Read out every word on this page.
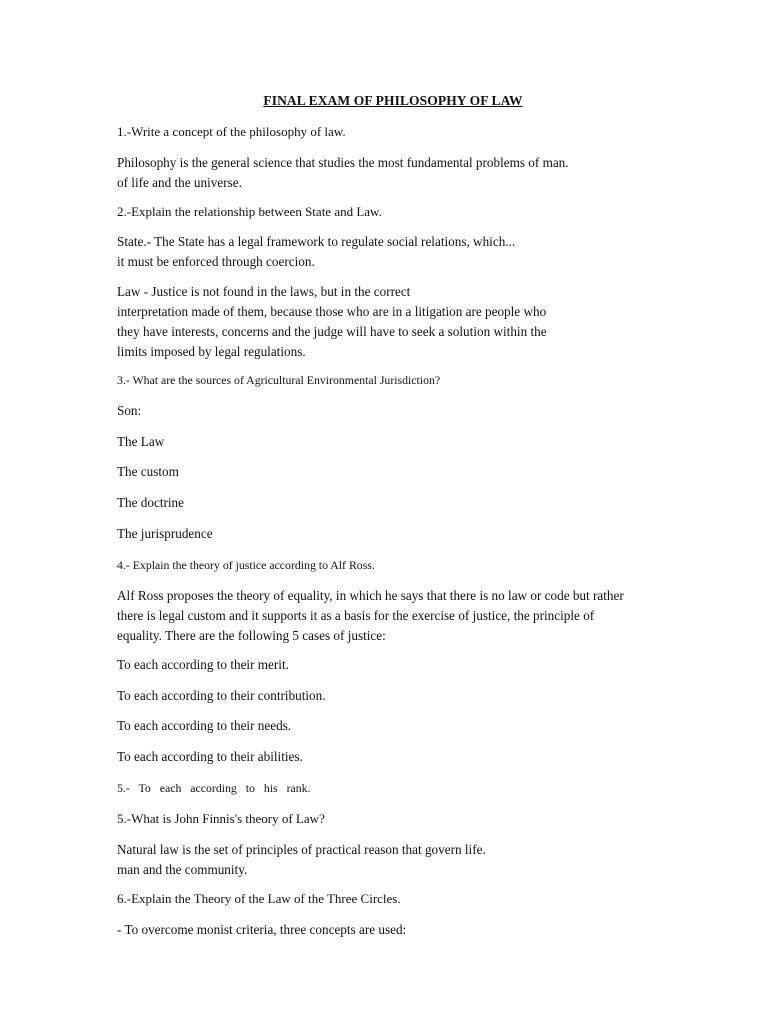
FINAL EXAM OF PHILOSOPHY OF LAW
1.-Write a concept of the philosophy of law.
Philosophy is the general science that studies the most fundamental problems of man.
of life and the universe.
2.-Explain the relationship between State and Law.
State.- The State has a legal framework to regulate social relations, which...
it must be enforced through coercion.
Law - Justice is not found in the laws, but in the correct
interpretation made of them, because those who are in a litigation are people who
they have interests, concerns and the judge will have to seek a solution within the
limits imposed by legal regulations.
3.- What are the sources of Agricultural Environmental Jurisdiction?
Son:
The Law
The custom
The doctrine
The jurisprudence
4.- Explain the theory of justice according to Alf Ross.
Alf Ross proposes the theory of equality, in which he says that there is no law or code but rather
there is legal custom and it supports it as a basis for the exercise of justice, the principle of
equality. There are the following 5 cases of justice:
To each according to their merit.
To each according to their contribution.
To each according to their needs.
To each according to their abilities.
5.- To each according to his rank.
5.-What is John Finnis's theory of Law?
Natural law is the set of principles of practical reason that govern life.
man and the community.
6.-Explain the Theory of the Law of the Three Circles.
- To overcome monist criteria, three concepts are used:
